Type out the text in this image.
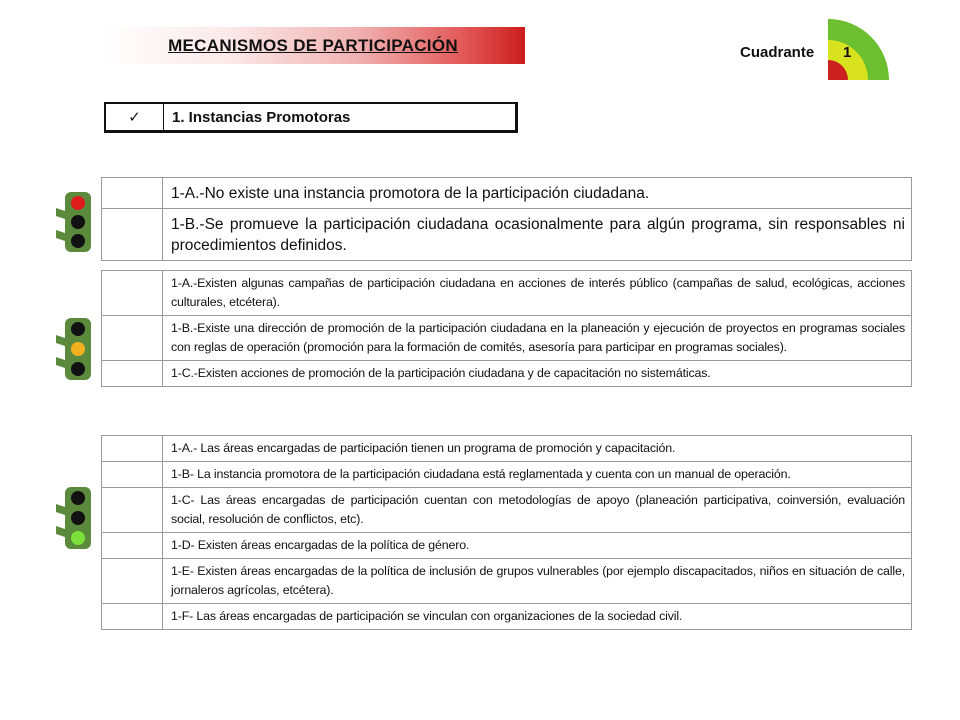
MECANISMOS DE PARTICIPACIÓN	Cuadrante 1
✓	1. Instancias Promotoras
	1-A.-No existe una instancia promotora de la participación ciudadana.
	1-B.-Se promueve la participación ciudadana ocasionalmente para algún programa, sin responsables ni procedimientos definidos.
	1-A.-Existen algunas campañas de participación ciudadana en acciones de interés público (campañas de salud, ecológicas, acciones culturales, etcétera).
	1-B.-Existe una dirección de promoción de la participación ciudadana en la planeación y ejecución de proyectos en programas sociales con reglas de operación (promoción para la formación de comités, asesoría para participar en programas sociales).
	1-C.-Existen acciones de promoción de la participación ciudadana y de capacitación no sistemáticas.
	1-A.- Las áreas encargadas de participación tienen un programa de promoción y capacitación.
	1-B- La instancia promotora de la participación ciudadana está reglamentada y cuenta con un manual de operación.
	1-C- Las áreas encargadas de participación cuentan con metodologías de apoyo (planeación participativa, coinversión, evaluación social, resolución de conflictos, etc).
	1-D- Existen áreas encargadas de la política de género.
	1-E- Existen áreas encargadas de la política de inclusión de grupos vulnerables (por ejemplo discapacitados, niños en situación de calle, jornaleros agrícolas, etcétera).
	1-F- Las áreas encargadas de participación se vinculan con organizaciones de la sociedad civil.
